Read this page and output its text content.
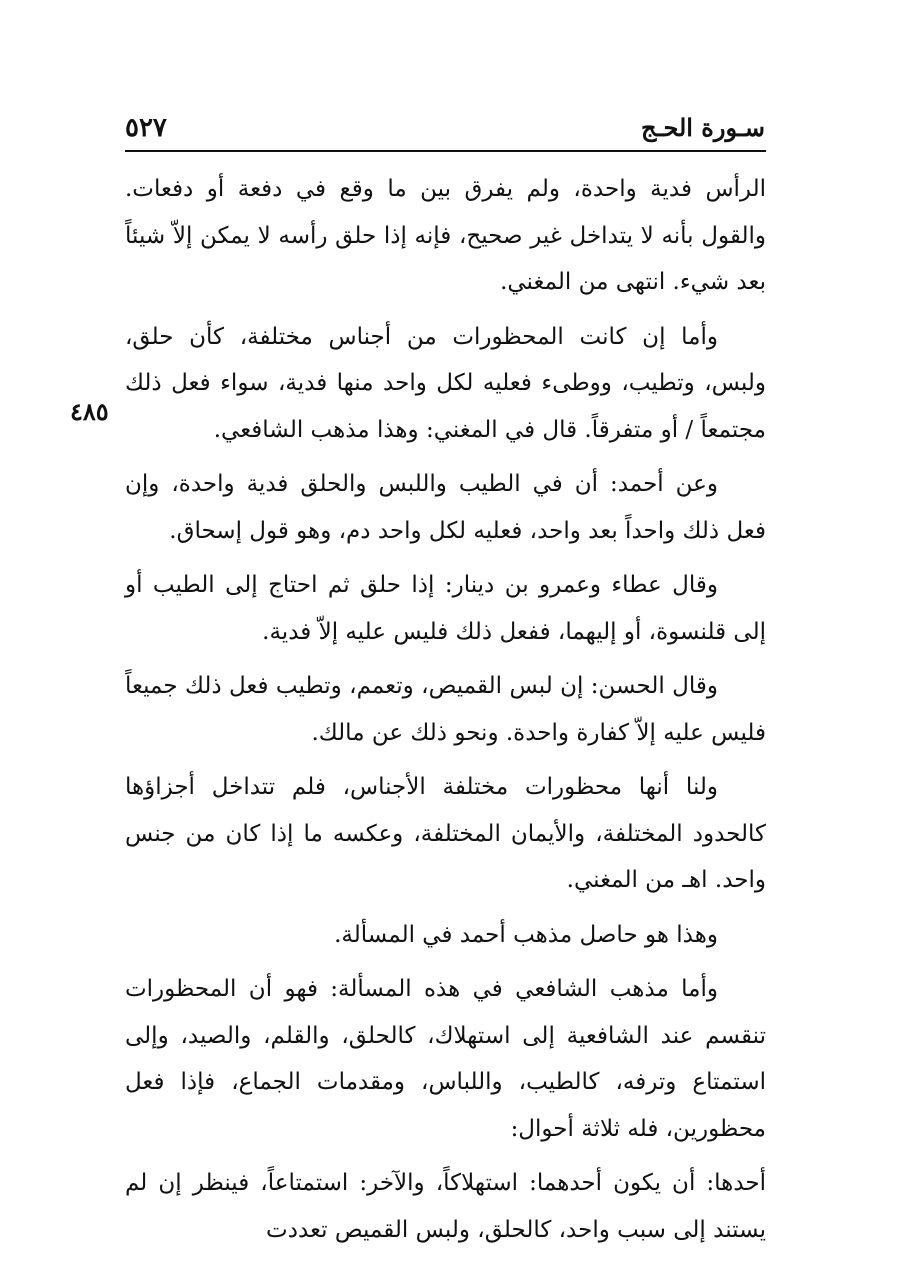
سـورة الحـج
٥٢٧
٤٨٥

الرأس فدية واحدة، ولم يفرق بين ما وقع في دفعة أو دفعات. والقول بأنه لا يتداخل غير صحيح، فإنه إذا حلق رأسه لا يمكن إلاّ شيئاً بعد شيء. انتهى من المغني.

وأما إن كانت المحظورات من أجناس مختلفة، كأن حلق، ولبس، وتطيب، ووطىء فعليه لكل واحد منها فدية، سواء فعل ذلك مجتمعاً / أو متفرقاً. قال في المغني: وهذا مذهب الشافعي.

وعن أحمد: أن في الطيب واللبس والحلق فدية واحدة، وإن فعل ذلك واحداً بعد واحد، فعليه لكل واحد دم، وهو قول إسحاق.

وقال عطاء وعمرو بن دينار: إذا حلق ثم احتاج إلى الطيب أو إلى قلنسوة، أو إليهما، ففعل ذلك فليس عليه إلاّ فدية.

وقال الحسن: إن لبس القميص، وتعمم، وتطيب فعل ذلك جميعاً فليس عليه إلاّ كفارة واحدة. ونحو ذلك عن مالك.

ولنا أنها محظورات مختلفة الأجناس، فلم تتداخل أجزاؤها كالحدود المختلفة، والأيمان المختلفة، وعكسه ما إذا كان من جنس واحد. اهـ من المغني.

وهذا هو حاصل مذهب أحمد في المسألة.

وأما مذهب الشافعي في هذه المسألة: فهو أن المحظورات تنقسم عند الشافعية إلى استهلاك، كالحلق، والقلم، والصيد، وإلى استمتاع وترفه، كالطيب، واللباس، ومقدمات الجماع، فإذا فعل محظورين، فله ثلاثة أحوال:

أحدها: أن يكون أحدهما: استهلاكاً، والآخر: استمتاعاً، فينظر إن لم يستند إلى سبب واحد، كالحلق، ولبس القميص تعددت
